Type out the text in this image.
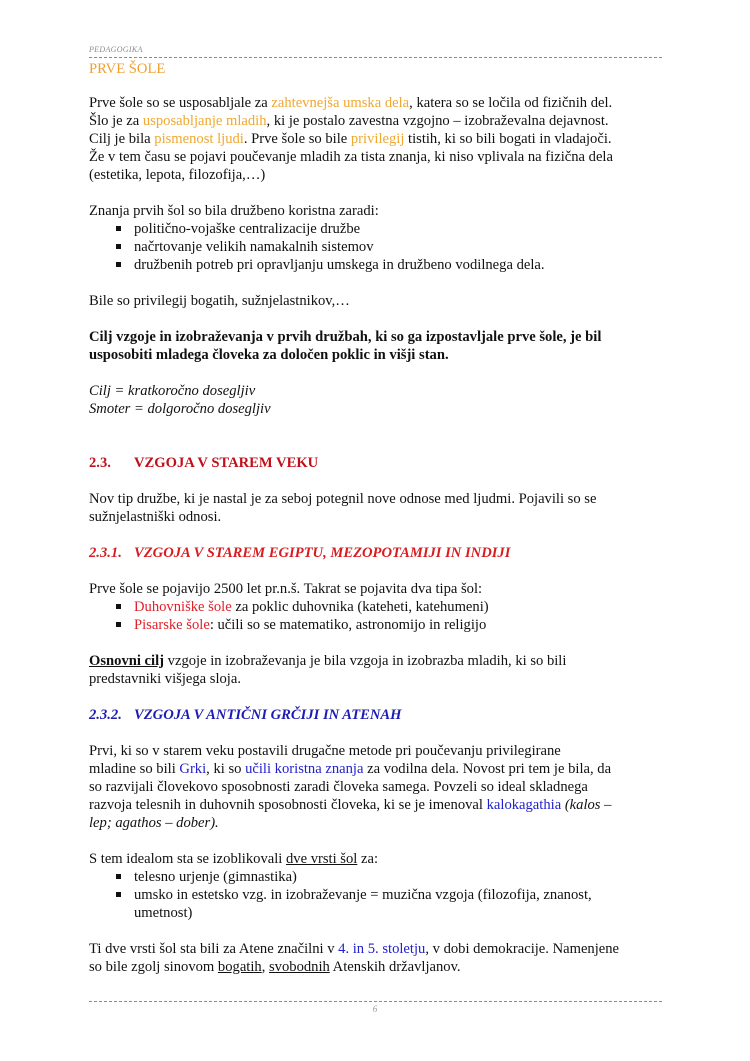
PEDAGOGIKA
PRVE ŠOLE

Prve šole so se usposabljale za zahtevnejša umska dela, katera so se ločila od fizičnih del.

Šlo je za usposabljanje mladih, ki je postalo zavestna vzgojno – izobraževalna dejavnost.

Cilj je bila pismenost ljudi. Prve šole so bile privilegij tistih, ki so bili bogati in vladajoči.

Že v tem času se pojavi poučevanje mladih za tista znanja, ki niso vplivala na fizična dela

(estetika, lepota, filozofija,…)

Znanja prvih šol so bila družbeno koristna zaradi:

politično-vojaške centralizacije družbe
načrtovanje velikih namakalnih sistemov
družbenih potreb pri opravljanju umskega in družbeno vodilnega dela.

Bile so privilegij bogatih, sužnjelastnikov,…

Cilj vzgoje in izobraževanja v prvih družbah, ki so ga izpostavljale prve šole, je bil

usposobiti mladega človeka za določen poklic in višji stan.

Cilj = kratkoročno dosegljiv

Smoter = dolgoročno dosegljiv

2.3. VZGOJA V STAREM VEKU

Nov tip družbe, ki je nastal je za seboj potegnil nove odnose med ljudmi. Pojavili so se

sužnjelastniški odnosi.

2.3.1. VZGOJA V STAREM EGIPTU, MEZOPOTAMIJI IN INDIJI

Prve šole se pojavijo 2500 let pr.n.š. Takrat se pojavita dva tipa šol:

Duhovniške šole za poklic duhovnika (kateheti, katehumeni)
Pisarske šole: učili so se matematiko, astronomijo in religijo

Osnovni cilj vzgoje in izobraževanja je bila vzgoja in izobrazba mladih, ki so bili

predstavniki višjega sloja.

2.3.2. VZGOJA V ANTIČNI GRČIJI IN ATENAH

Prvi, ki so v starem veku postavili drugačne metode pri poučevanju privilegirane

mladine so bili Grki, ki so učili koristna znanja za vodilna dela. Novost pri tem je bila, da

so razvijali človekovo sposobnosti zaradi človeka samega. Povzeli so ideal skladnega

razvoja telesnih in duhovnih sposobnosti človeka, ki se je imenoval kalokagathia (kalos –

lep; agathos – dober).

S tem idealom sta se izoblikovali dve vrsti šol za:

telesno urjenje (gimnastika)
umsko in estetsko vzg. in izobraževanje = muzična vzgoja (filozofija, znanost,
umetnost)

Ti dve vrsti šol sta bili za Atene značilni v 4. in 5. stoletju, v dobi demokracije. Namenjene

so bile zgolj sinovom bogatih, svobodnih Atenskih državljanov.

6
